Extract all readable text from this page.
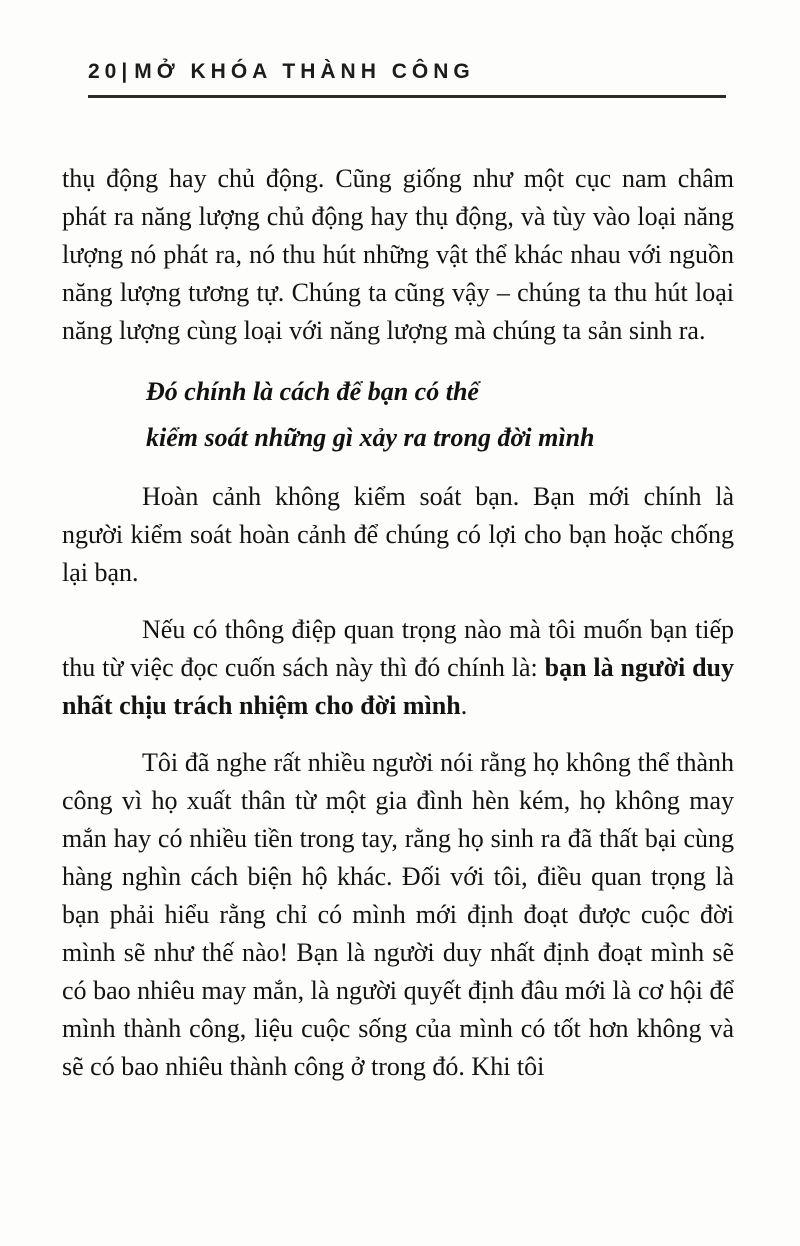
20|MỞ KHÓA THÀNH CÔNG

thụ động hay chủ động. Cũng giống như một cục nam châm phát ra năng lượng chủ động hay thụ động, và tùy vào loại năng lượng nó phát ra, nó thu hút những vật thể khác nhau với nguồn năng lượng tương tự. Chúng ta cũng vậy – chúng ta thu hút loại năng lượng cùng loại với năng lượng mà chúng ta sản sinh ra.

Đó chính là cách để bạn có thể
kiểm soát những gì xảy ra trong đời mình

Hoàn cảnh không kiểm soát bạn. Bạn mới chính là người kiểm soát hoàn cảnh để chúng có lợi cho bạn hoặc chống lại bạn.

Nếu có thông điệp quan trọng nào mà tôi muốn bạn tiếp thu từ việc đọc cuốn sách này thì đó chính là: bạn là người duy nhất chịu trách nhiệm cho đời mình.

Tôi đã nghe rất nhiều người nói rằng họ không thể thành công vì họ xuất thân từ một gia đình hèn kém, họ không may mắn hay có nhiều tiền trong tay, rằng họ sinh ra đã thất bại cùng hàng nghìn cách biện hộ khác. Đối với tôi, điều quan trọng là bạn phải hiểu rằng chỉ có mình mới định đoạt được cuộc đời mình sẽ như thế nào! Bạn là người duy nhất định đoạt mình sẽ có bao nhiêu may mắn, là người quyết định đâu mới là cơ hội để mình thành công, liệu cuộc sống của mình có tốt hơn không và sẽ có bao nhiêu thành công ở trong đó. Khi tôi
